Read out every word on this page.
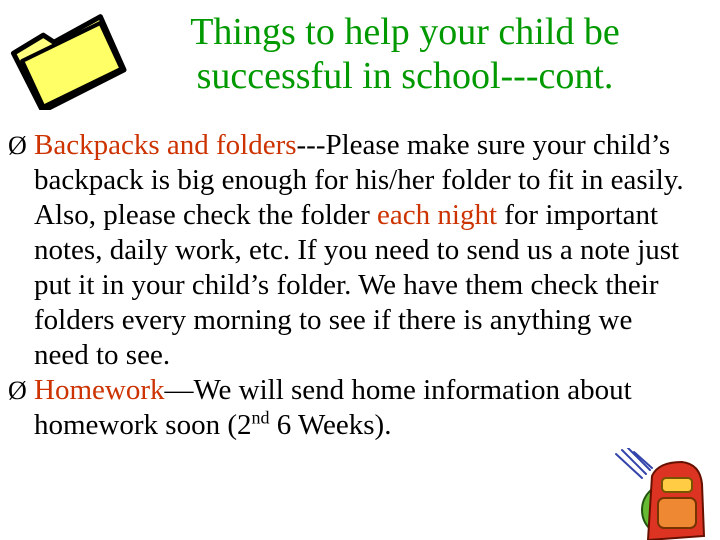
Things to help your child be
successful in school---cont.
Ø Backpacks and folders---Please make sure your child’s backpack is big enough for his/her folder to fit in easily. Also, please check the folder each night for important notes, daily work, etc. If you need to send us a note just put it in your child’s folder. We have them check their folders every morning to see if there is anything we need to see.
Ø Homework—We will send home information about homework soon (2nd 6 Weeks).
